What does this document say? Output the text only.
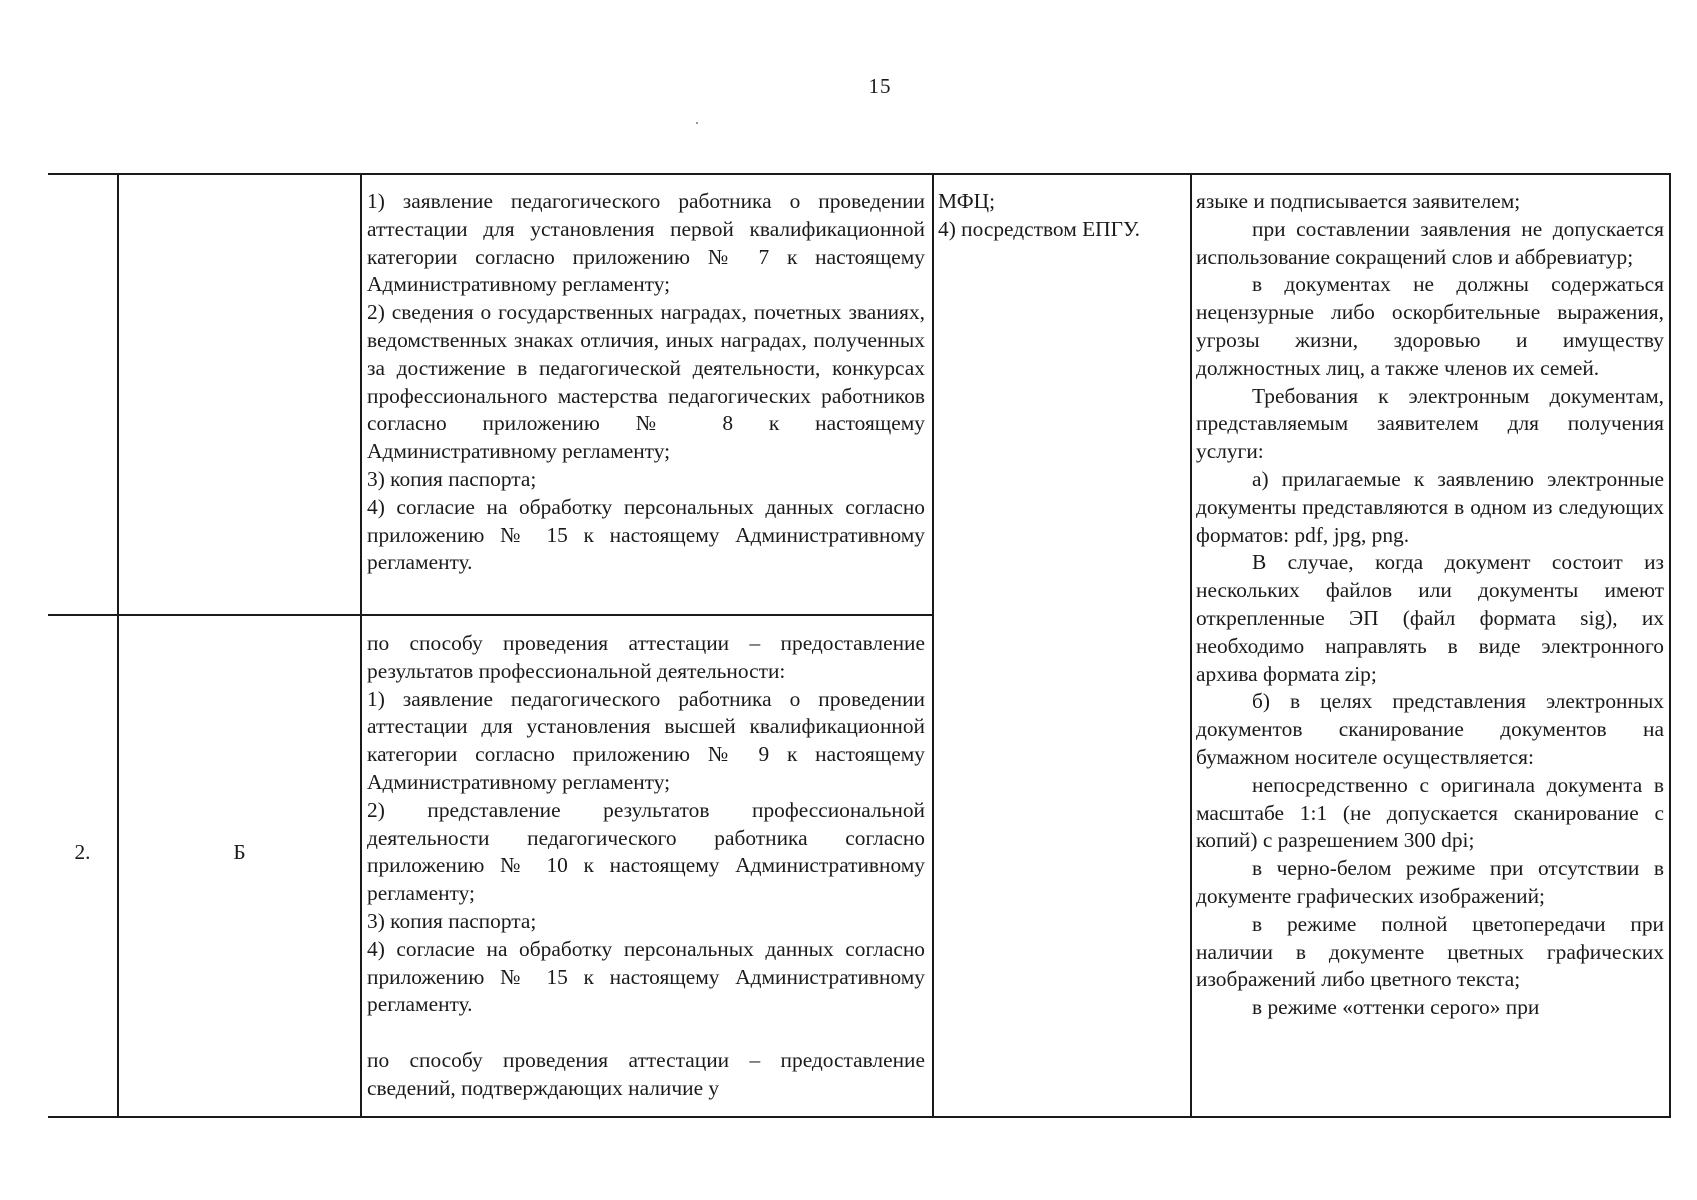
15
2.	Б

1) заявление педагогического работника о проведении аттестации для установления первой квалификационной категории согласно приложению № 7 к настоящему Административному регламенту;

2) сведения о государственных наградах, почетных званиях, ведомственных знаках отличия, иных наградах, полученных за достижение в педагогической деятельности, конкурсах профессионального мастерства педагогических работников согласно приложению № 8 к настоящему Административному регламенту;

3) копия паспорта;

4) согласие на обработку персональных данных согласно приложению № 15 к настоящему Административному регламенту.

по способу проведения аттестации – предоставление результатов профессиональной деятельности:

1) заявление педагогического работника о проведении аттестации для установления высшей квалификационной категории согласно приложению № 9 к настоящему Административному регламенту;

2) представление результатов профессиональной деятельности педагогического работника согласно приложению № 10 к настоящему Административному регламенту;

3) копия паспорта;

4) согласие на обработку персональных данных согласно приложению № 15 к настоящему Административному регламенту.

по способу проведения аттестации – предоставление сведений, подтверждающих наличие у

МФЦ;

4) посредством ЕПГУ.

языке и подписывается заявителем;

при составлении заявления не допускается использование сокращений слов и аббревиатур;

в документах не должны содержаться нецензурные либо оскорбительные выражения, угрозы жизни, здоровью и имуществу должностных лиц, а также членов их семей.

Требования к электронным документам, представляемым заявителем для получения услуги:

а) прилагаемые к заявлению электронные документы представляются в одном из следующих форматов: pdf, jpg, png.

В случае, когда документ состоит из нескольких файлов или документы имеют открепленные ЭП (файл формата sig), их необходимо направлять в виде электронного архива формата zip;

б) в целях представления электронных документов сканирование документов на бумажном носителе осуществляется:

непосредственно с оригинала документа в масштабе 1:1 (не допускается сканирование с копий) с разрешением 300 dpi;

в черно-белом режиме при отсутствии в документе графических изображений;

в режиме полной цветопередачи при наличии в документе цветных графических изображений либо цветного текста;

в режиме «оттенки серого» при
